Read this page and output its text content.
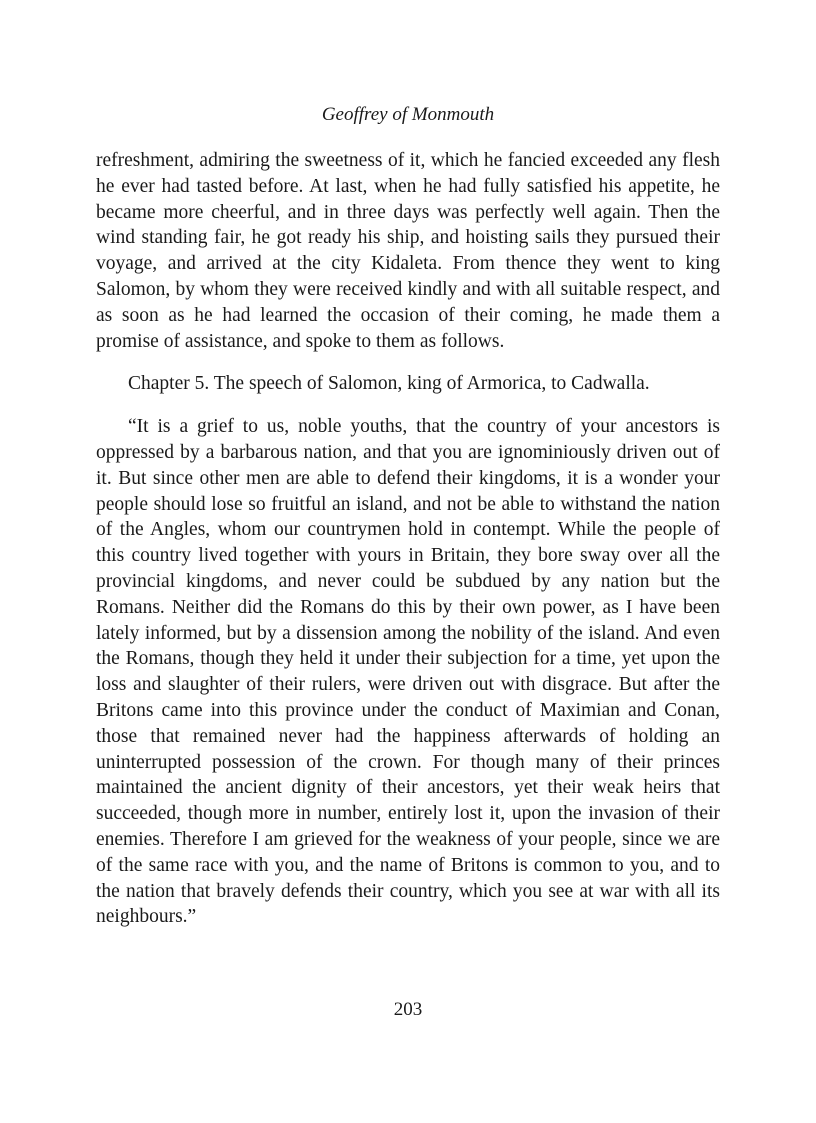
Geoffrey of Monmouth

refreshment, admiring the sweetness of it, which he fancied exceeded any flesh he ever had tasted before. At last, when he had fully satisfied his appetite, he became more cheerful, and in three days was perfectly well again. Then the wind standing fair, he got ready his ship, and hoisting sails they pursued their voyage, and arrived at the city Kidaleta. From thence they went to king Salomon, by whom they were received kindly and with all suitable respect, and as soon as he had learned the occasion of their coming, he made them a promise of assistance, and spoke to them as follows.

Chapter 5. The speech of Salomon, king of Armorica, to Cadwalla.

“It is a grief to us, noble youths, that the country of your ancestors is oppressed by a barbarous nation, and that you are ignominiously driven out of it. But since other men are able to defend their kingdoms, it is a wonder your people should lose so fruitful an island, and not be able to withstand the nation of the Angles, whom our countrymen hold in contempt. While the people of this country lived together with yours in Britain, they bore sway over all the provincial kingdoms, and never could be subdued by any nation but the Romans. Neither did the Romans do this by their own power, as I have been lately informed, but by a dissension among the nobility of the island. And even the Romans, though they held it under their subjection for a time, yet upon the loss and slaughter of their rulers, were driven out with disgrace. But after the Britons came into this province under the conduct of Maximian and Conan, those that remained never had the happiness afterwards of holding an uninterrupted possession of the crown. For though many of their princes maintained the ancient dignity of their ancestors, yet their weak heirs that succeeded, though more in number, entirely lost it, upon the invasion of their enemies. Therefore I am grieved for the weakness of your people, since we are of the same race with you, and the name of Britons is common to you, and to the nation that bravely defends their country, which you see at war with all its neighbours.”

203
